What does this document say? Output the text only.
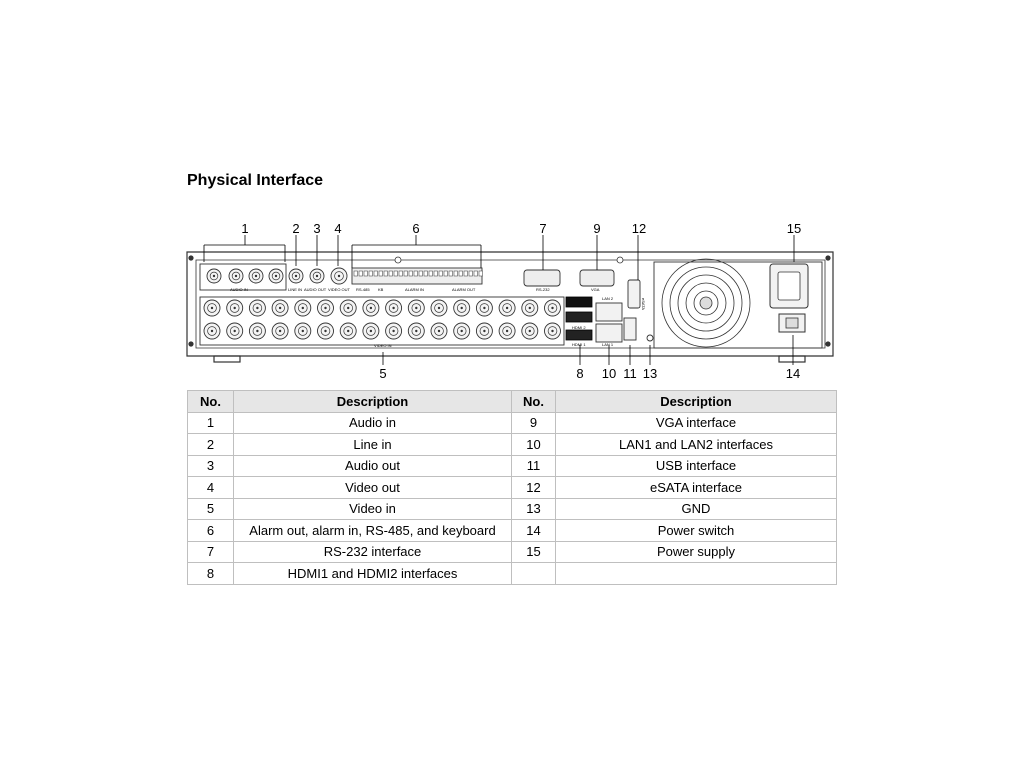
Physical Interface
AUDIO IN	LINE IN AUDIO OUT VIDEO OUT RS-485 KB	ALARM IN	ALARM OUT	RS-232	VGA
HDMI 2
HDMI 1
LAN 2
LAN 1
eSATA
VIDEO IN
1	2 3 4
5
6	7
8
9
10 11
12
13	14
15
No.	Description	No.	Description
1	Audio in	9	VGA interface
2	Line in	10	LAN1 and LAN2 interfaces
3	Audio out	11	USB interface
4	Video out	12	eSATA interface
5	Video in	13	GND
6	Alarm out, alarm in, RS-485, and keyboard	14	Power switch
7	RS-232 interface	15	Power supply
8	HDMI1 and HDMI2 interfaces		
